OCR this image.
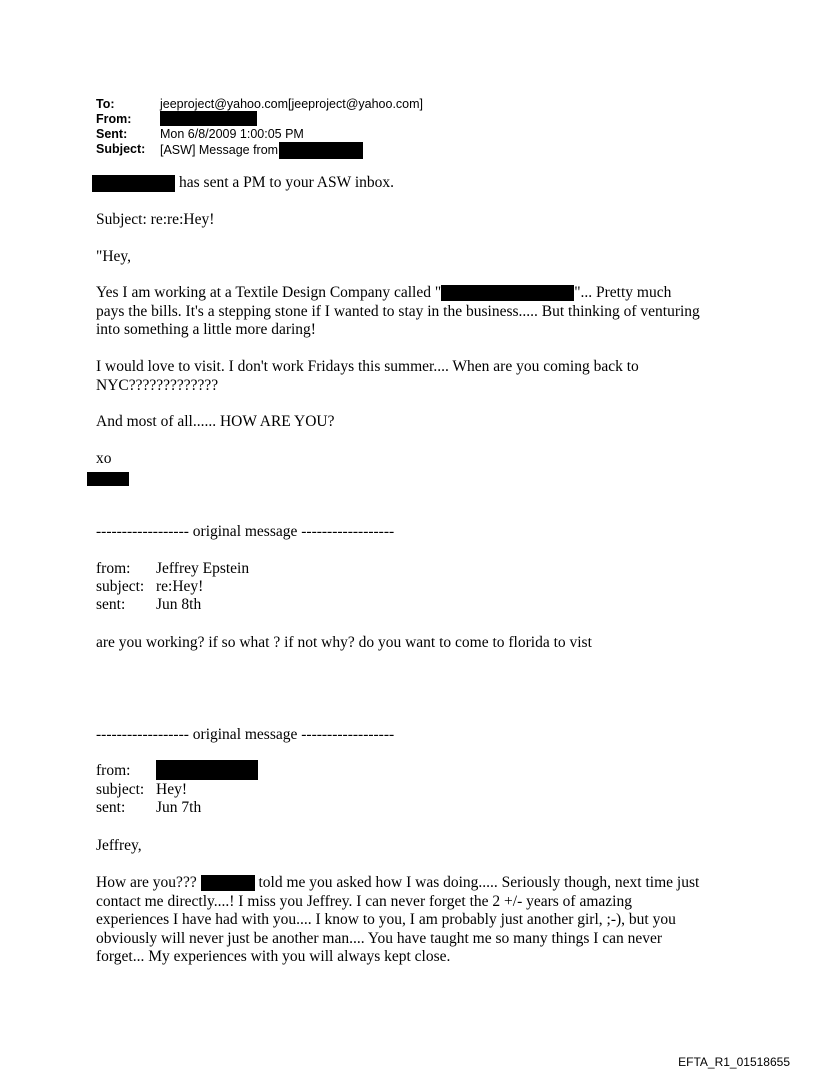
To:	jeeproject@yahoo.com[jeeproject@yahoo.com]
From:
Sent:	Mon 6/8/2009 1:00:05 PM
Subject: [ASW] Message from
has sent a PM to your ASW inbox.
Subject: re:re:Hey!
"Hey,
Yes I am working at a Textile Design Company called "	"... Pretty much
pays the bills. It's a stepping stone if I wanted to stay in the business..... But thinking of venturing
into something a little more daring!
I would love to visit. I don't work Fridays this summer.... When are you coming back to
NYC?????????????
And most of all...... HOW ARE YOU?
xo
------------------ original message ------------------
from: Jeffrey Epstein
subject: re:Hey!
sent: Jun 8th
are you working? if so what ? if not why? do you want to come to florida to vist
------------------ original message ------------------
from:
subject: Hey!
sent: Jun 7th
Jeffrey,
How are you???	told me you asked how I was doing..... Seriously though, next time just
contact me directly....! I miss you Jeffrey. I can never forget the 2 +/- years of amazing
experiences I have had with you.... I know to you, I am probably just another girl, ;-), but you
obviously will never just be another man.... You have taught me so many things I can never
forget... My experiences with you will always kept close.
EFTA_R1_01518655
